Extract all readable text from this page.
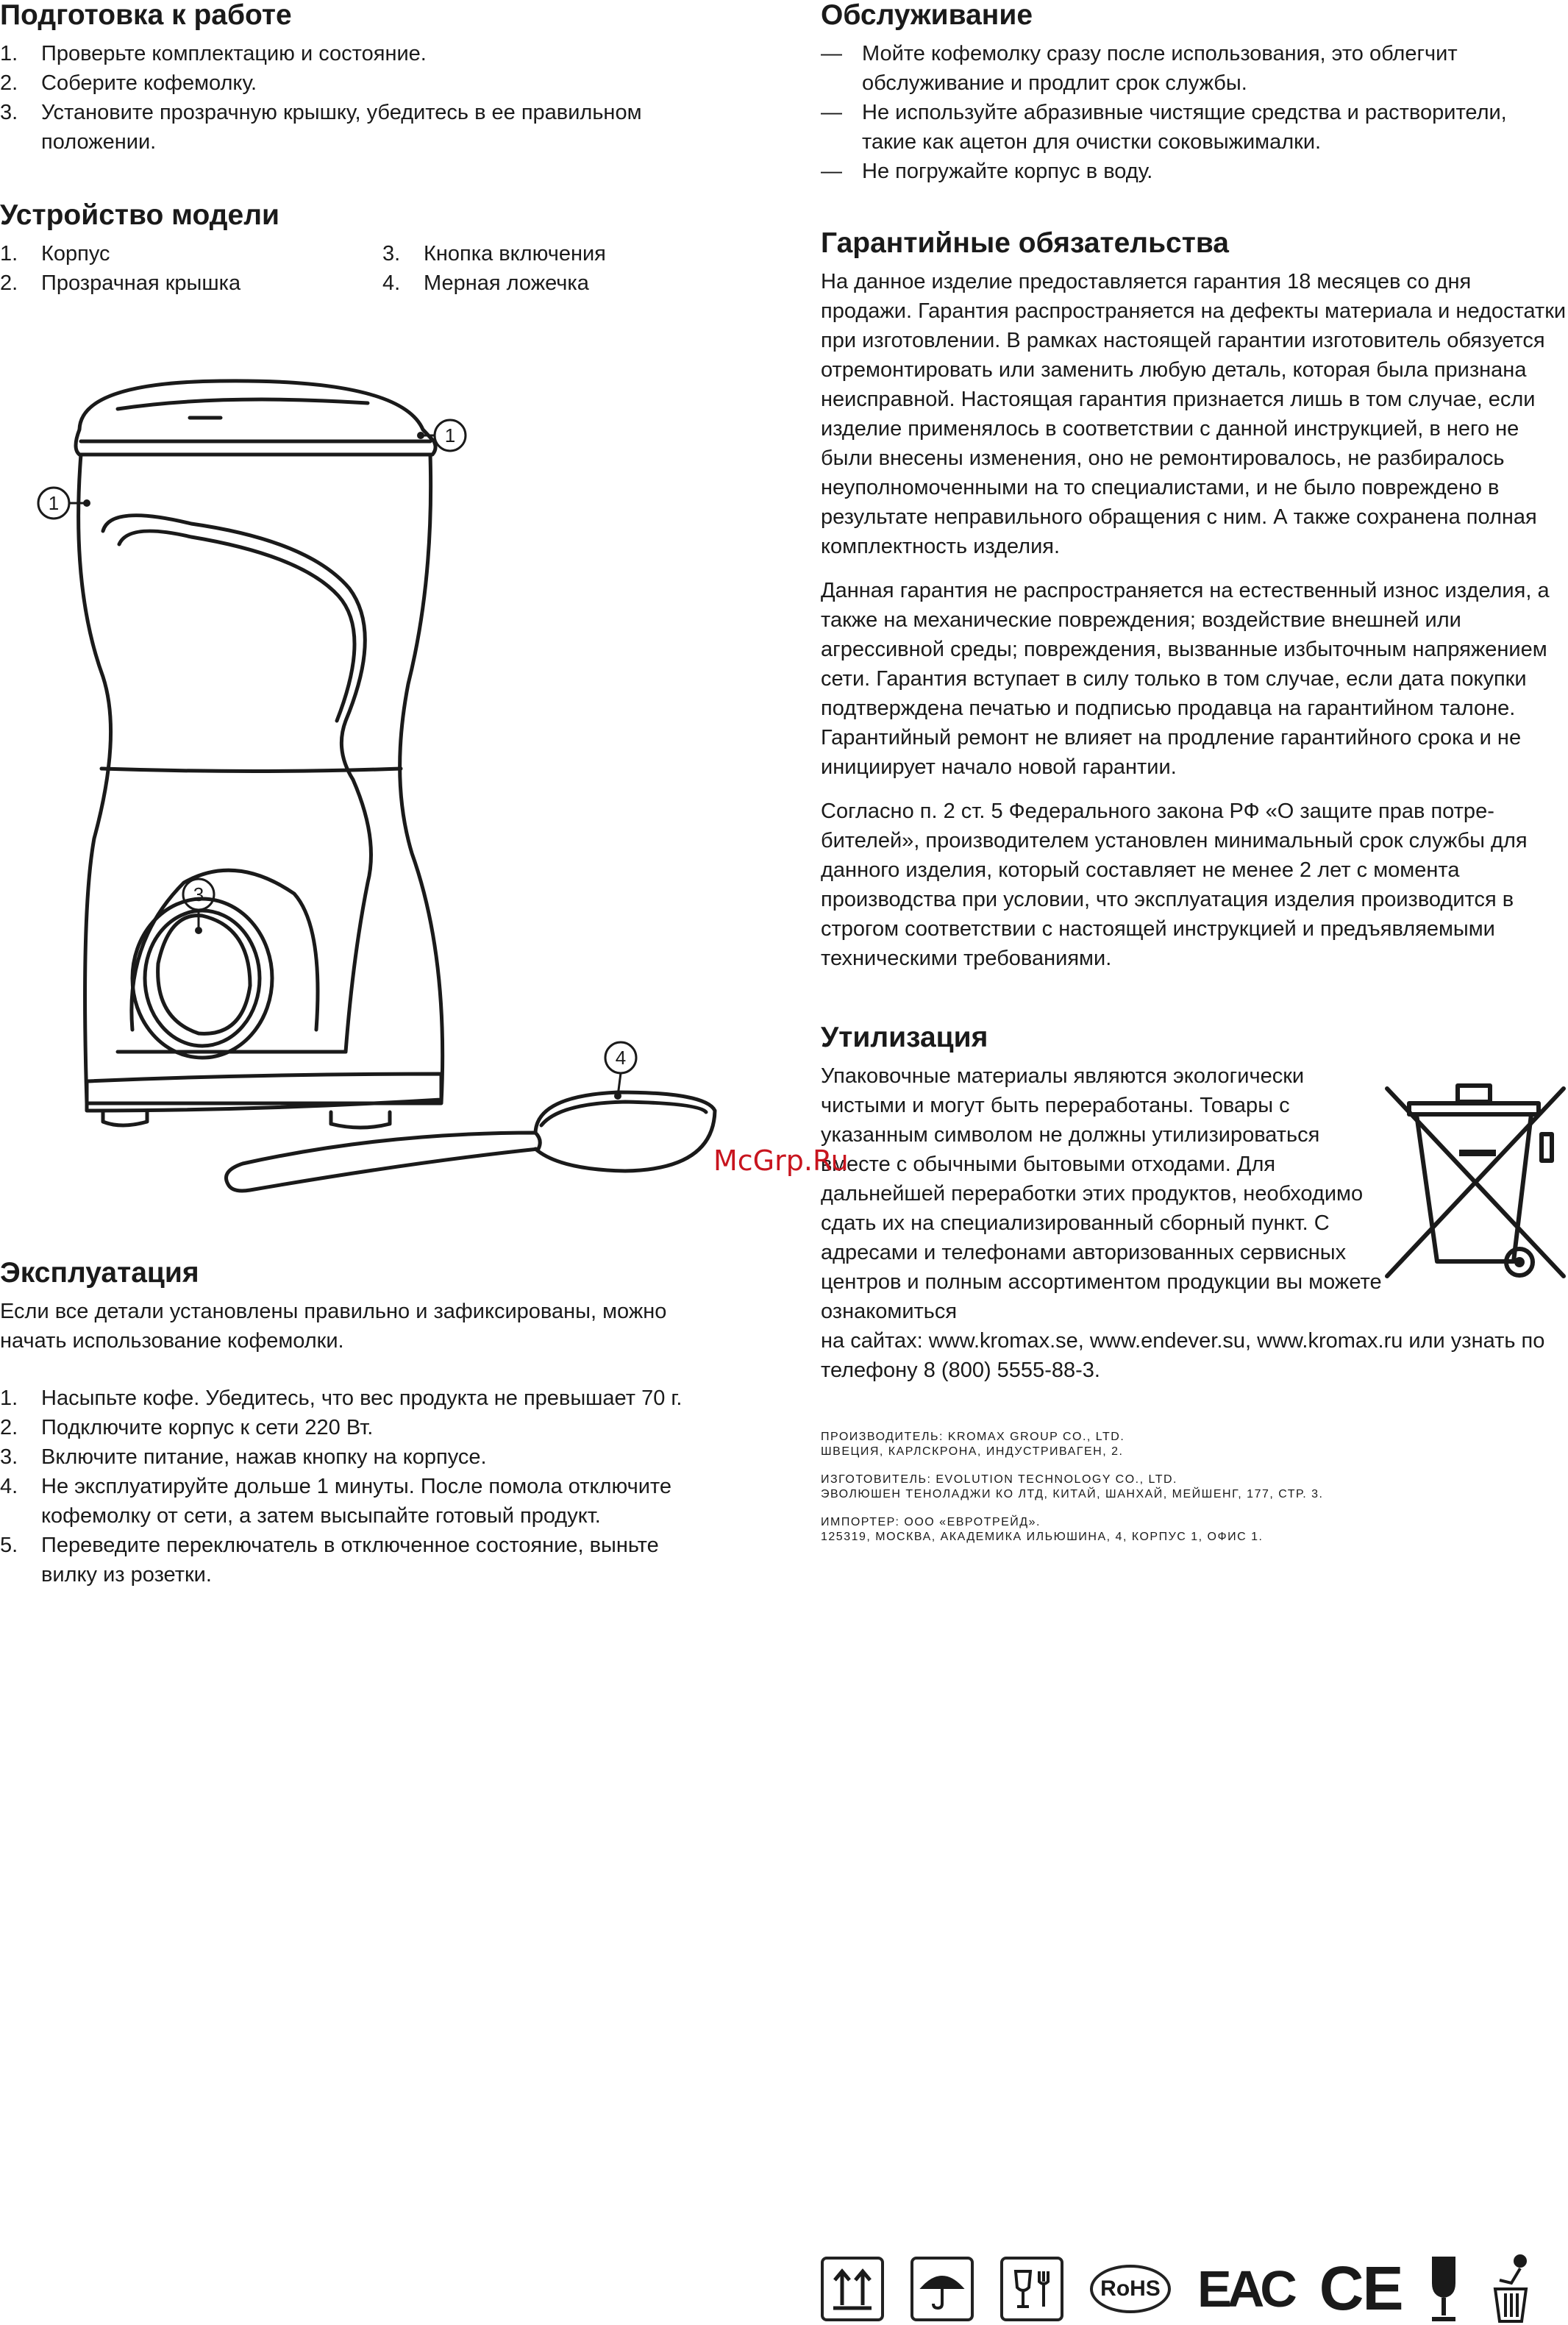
Подготовка к работе
1. Проверьте комплектацию и состояние.
2. Соберите кофемолку.
3. Установите прозрачную крышку, убедитесь в ее правильном положении.
Устройство модели
1. Корпус	3. Кнопка включения
2. Прозрачная крышка	4. Мерная ложечка
1
1
3
4
Эксплуатация

Если все детали установлены правильно и зафиксированы, можно начать использование кофемолки.

1. Насыпьте кофе. Убедитесь, что вес продукта не превышает 70 г.
2. Подключите корпус к сети 220 Вт.
3. Включите питание, нажав кнопку на корпусе.
4. Не эксплуатируйте дольше 1 минуты. После помола отключите кофемолку от сети, а затем высыпайте готовый продукт.
5. Переведите переключатель в отключенное состояние, выньте вилку из розетки.
Обслуживание
— Мойте кофемолку сразу после использования, это облегчит обслуживание и продлит срок службы.
— Не используйте абразивные чистящие средства и растворители, такие как ацетон для очистки соковыжималки.
— Не погружайте корпус в воду.
Гарантийные обязательства

На данное изделие предоставляется гарантия 18 месяцев со дня продажи. Гарантия распространяется на дефекты материала и недостатки при изготовлении. В рамках настоящей гарантии изготовитель обязуется отремонтировать или заменить любую деталь, которая была признана неисправной. Настоящая гарантия признается лишь в том случае, если изделие применялось в соответствии с данной инструкцией, в него не были внесены изменения, оно не ремонтировалось, не разбиралось неуполномоченными на то специалистами, и не было повреждено в результате неправильного обращения с ним. А также сохранена полная комплектность изделия.

Данная гарантия не распространяется на естественный износ изделия, а также на механические повреждения; воздействие внешней или агрессивной среды; повреждения, вызванные избыточным напряжением сети. Гарантия вступает в силу только в том случае, если дата покупки подтверждена печатью и подписью продавца на гарантийном талоне. Гарантийный ремонт не влияет на продление гарантийного срока и не инициирует начало новой гарантии.

Согласно п. 2 ст. 5 Федерального закона РФ «О защите прав потребителей», производителем установлен минимальный срок службы для данного изделия, который составляет не менее 2 лет с момента производства при условии, что эксплуатация изделия производится в строгом соответствии с настоящей инструкцией и предъявляемыми техническими требованиями.

Утилизация

Упаковочные материалы являются экологически чистыми и могут быть переработаны. Товары с указанным символом не должны утилизироваться вместе с обычными бытовыми отходами. Для дальнейшей переработки этих продуктов, необходимо сдать их на специализированный сборный пункт. С адресами и телефонами авторизованных сервисных центров и полным ассортиментом продукции вы можете ознакомиться

на сайтах: www.kromax.se, www.endever.su, www.kromax.ru или узнать по телефону 8 (800) 5555-88-3.

ПРОИЗВОДИТЕЛЬ: KROMAX GROUP CO., LTD.
ШВЕЦИЯ, КАРЛСКРОНА, ИНДУСТРИВАГЕН, 2.
ИЗГОТОВИТЕЛЬ: EVOLUTION TECHNOLOGY CO., LTD.
ЭВОЛЮШЕН ТЕНОЛАДЖИ КО ЛТД, КИТАЙ, ШАНХАЙ, МЕЙШЕНГ, 177, СТР. 3.
ИМПОРТЕР: ООО «ЕВРОТРЕЙД».
125319, МОСКВА, АКАДЕМИКА ИЛЬЮШИНА, 4, КОРПУС 1, ОФИС 1.
McGrp.Ru
RoHS EAC CE
